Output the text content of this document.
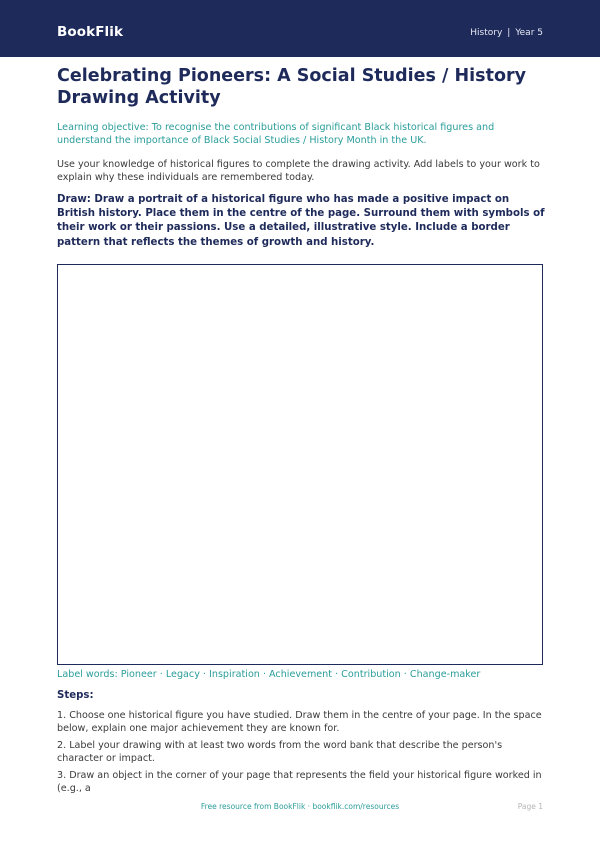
BookFlik	History | Year 5
Celebrating Pioneers: A Social Studies / History Drawing Activity

Learning objective: To recognise the contributions of significant Black historical figures and understand the importance of Black Social Studies / History Month in the UK.

Use your knowledge of historical figures to complete the drawing activity. Add labels to your work to explain why these individuals are remembered today.

Draw: Draw a portrait of a historical figure who has made a positive impact on British history. Place them in the centre of the page. Surround them with symbols of their work or their passions. Use a detailed, illustrative style. Include a border pattern that reflects the themes of growth and history.

Label words: Pioneer · Legacy · Inspiration · Achievement · Contribution · Change-maker

Steps:

1. Choose one historical figure you have studied. Draw them in the centre of your page. In the space below, explain one major achievement they are known for.

2. Label your drawing with at least two words from the word bank that describe the person's character or impact.

3. Draw an object in the corner of your page that represents the field your historical figure worked in (e.g., a

Free resource from BookFlik · bookflik.com/resources	Page 1
